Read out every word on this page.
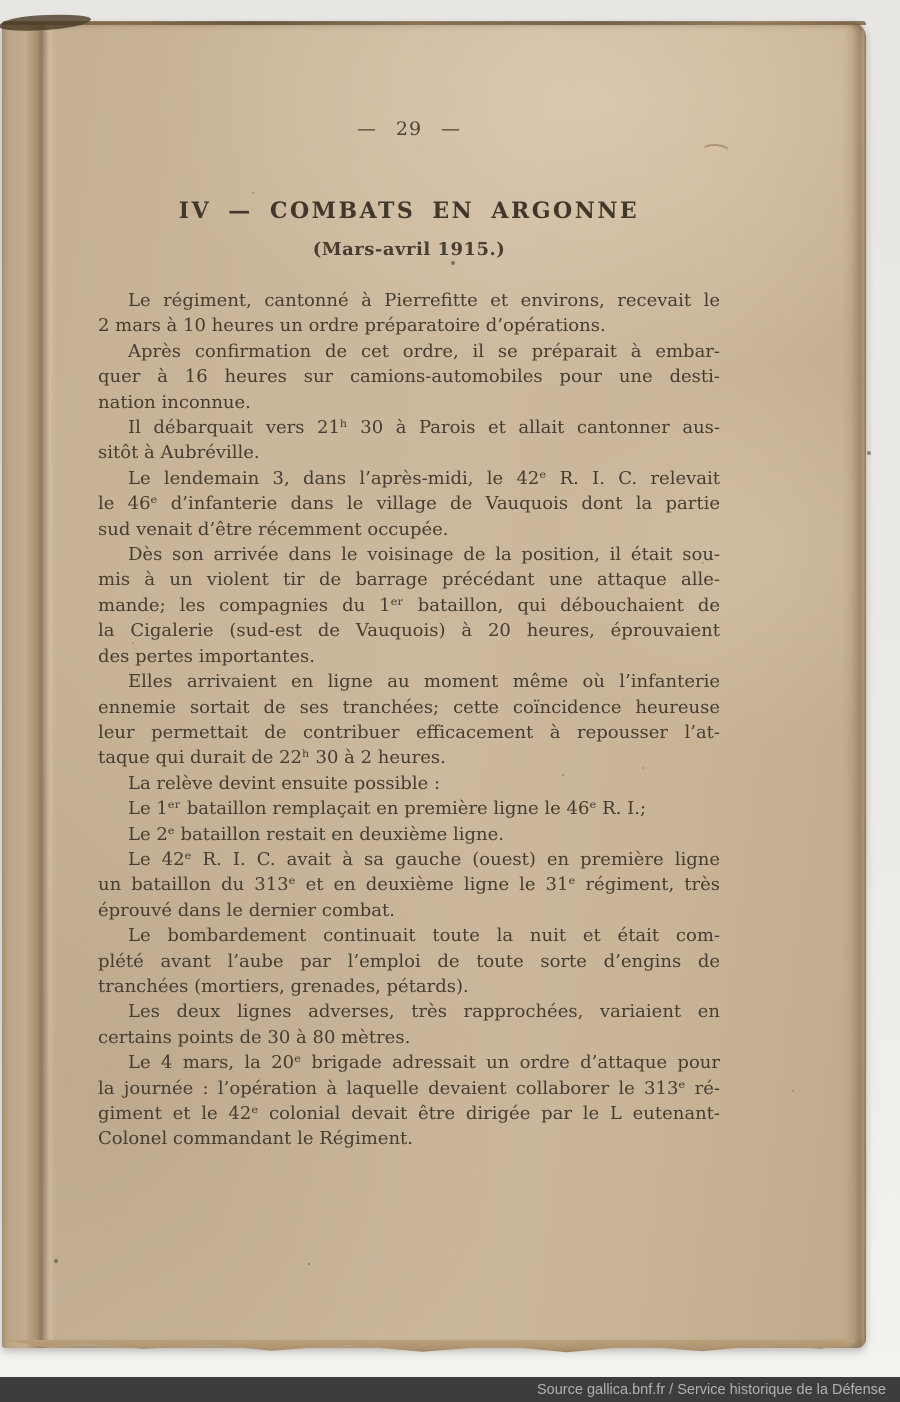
— 29 —
IV — COMBATS EN ARGONNE
(Mars-avril 1915.)
Le régiment, cantonné à Pierrefitte et environs, recevait le
2 mars à 10 heures un ordre préparatoire d’opérations.
Après confirmation de cet ordre, il se préparait à embar-
quer à 16 heures sur camions-automobiles pour une desti-
nation inconnue.
Il débarquait vers 21ʰ 30 à Parois et allait cantonner aus-
sitôt à Aubréville.
Le lendemain 3, dans l’après-midi, le 42ᵉ R. I. C. relevait
le 46ᵉ d’infanterie dans le village de Vauquois dont la partie
sud venait d’être récemment occupée.
Dès son arrivée dans le voisinage de la position, il était sou-
mis à un violent tir de barrage précédant une attaque alle-
mande; les compagnies du 1ᵉʳ bataillon, qui débouchaient de
la Cigalerie (sud-est de Vauquois) à 20 heures, éprouvaient
des pertes importantes.
Elles arrivaient en ligne au moment même où l’infanterie
ennemie sortait de ses tranchées; cette coïncidence heureuse
leur permettait de contribuer efficacement à repousser l’at-
taque qui durait de 22ʰ 30 à 2 heures.
La relève devint ensuite possible :
Le 1ᵉʳ bataillon remplaçait en première ligne le 46ᵉ R. I.;
Le 2ᵉ bataillon restait en deuxième ligne.
Le 42ᵉ R. I. C. avait à sa gauche (ouest) en première ligne
un bataillon du 313ᵉ et en deuxième ligne le 31ᵉ régiment, très
éprouvé dans le dernier combat.
Le bombardement continuait toute la nuit et était com-
plété avant l’aube par l’emploi de toute sorte d’engins de
tranchées (mortiers, grenades, pétards).
Les deux lignes adverses, très rapprochées, variaient en
certains points de 30 à 80 mètres.
Le 4 mars, la 20ᵉ brigade adressait un ordre d’attaque pour
la journée : l’opération à laquelle devaient collaborer le 313ᵉ ré-
giment et le 42ᵉ colonial devait être dirigée par le L eutenant-
Colonel commandant le Régiment.
Source gallica.bnf.fr / Service historique de la Défense
